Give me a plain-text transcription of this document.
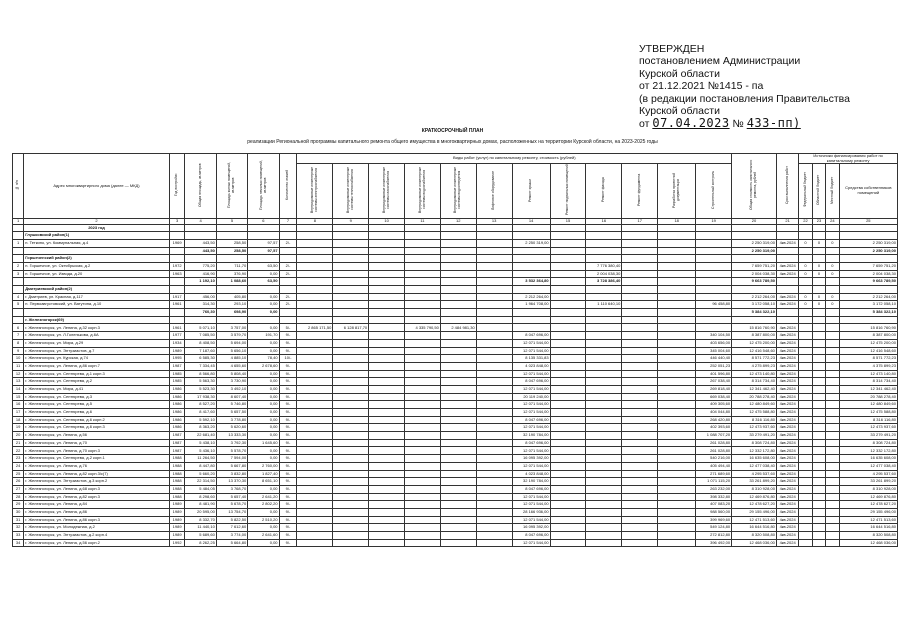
УТВЕРЖДЕН
постановлением Администрации
Курской области
от 21.12.2021 №1415 - па
(в редакции постановления Правительства
Курской области
от 07.04.2023 № 433-пп)
КРАТКОСРОЧНЫЙ ПЛАН
реализации Региональной программы капитального ремонта общего имущества в многоквартирных домах, расположенных на территории Курской области, на 2023-2025 годы
№ п/п	Адрес многоквартирного дома (далее — МКД)	Год постройки	Общая площадь, кв.метров	Площадь жилых помещений, кв.метров	Площадь нежилых помещений, кв.метров	Количество этажей	Виды работ (услуг) по капитальному ремонту, стоимость (рублей)												Общая стоимость капитального ремонта, рублей	Срок выполнения работ	Источники финансирования работ по капитальному ремонту			
							Внутридомовые инженерные системы электроснабжения	Внутридомовые инженерные системы теплоснабжения	Внутридомовые инженерные системы газоснабжения	Внутридомовые инженерные системы водоснабжения	Внутридомовые инженерные системы водоотведения	Лифтовое оборудование	Ремонт крыши	Ремонт подвальных помещений	Ремонт фасада	Ремонт фундамента	Разработка проектной документации	Строительный контроль			Федеральный бюджет	Областной бюджет	Местный бюджет	Средства собственников помещений
1	2	3	4	5	6	7	8	9	10	11	12	13	14	15	16	17	18	19	20	21	22	23	24	25
	2023 год																							
	Глушковский район(1)																							
1	п. Теткино, ул. Коммунальная, д.4	1969	443,50	258,50	97,57	2/-							2 250 319,00						2 250 319,00	4кв.2024	0	0	0	2 250 319,00
			443,50	258,50	97,57														2 250 319,00					2 250 319,00
	Горшеченский район(2)																							
2	п. Горшечное, ул. Октябрьская, д.2	1972	775,20	711,70	63,50	2/-									7 776 380,40				7 659 751,20	4кв.2024	0	0	0	7 659 751,20
3	п. Горшечное, ул. Извода, д.20	1963	416,90	376,90	0,00	2/-									2 004 038,30				2 004 038,30	4кв.2024	0	0	0	2 004 038,30
			1 192,10	1 088,60	63,50								3 532 364,80		3 728 386,40				9 663 789,50					9 663 789,50
	Дмитриевский район(2)																							
4	г. Дмитриев, ул. Красная, д.117	1917	456,00	405,80	0,00	2/-							2 212 264,00						2 212 264,00	4кв.2024	0	0	0	2 212 264,00
5	п. Первоавгустовский, ул. Ватутина, д.10	1961	314,30	293,10	0,00	2/-							1 964 708,00		1 110 640,10			96 458,80	3 172 058,10	4кв.2024	0	0	0	3 172 058,10
			760,30	698,90	0,00														5 384 322,10					5 384 322,10
	г. Железногорск(69)																							
6	г. Железногорск, ул. Ленина, д.32 корп.3	1961	5 071,10	3 757,00	0,00	5/-	2 865 171,50	6 128 817,70		4 335 790,50	2 484 981,30								15 816 760,90	4кв.2024				15 816 760,90
7	г. Железногорск, ул. Л.Голенькова, д.6А	1977	7 085,50	3 579,70	191,70	9/-							8 047 696,00					340 104,50	8 387 800,00	4кв.2024				8 387 800,00
8	г. Железногорск, ул. Мира, д.29	1934	8 408,50	5 694,00	0,00	9/-							12 071 544,00					403 656,00	12 475 200,00	4кв.2024				12 475 200,00
9	г. Железногорск, ул. Энтузиастов, д.7	1989	7 187,60	5 656,10	0,00	9/-							12 071 544,00					345 004,60	12 416 548,60	4кв.2024				12 416 548,60
10	г. Железногорск, ул. Курская, д.74	1995	6 585,30	4 885,10	78,40	10/-							8 135 331,83					446 440,40	8 571 772,23	4кв.2024				8 571 772,23
11	г. Железногорск, ул. Ленина, д.86 корп.7	1987	7 334,45	4 655,60	2 678,60	9/-							4 023 848,00					252 051,23	4 275 899,23	4кв.2024				4 375 899,23
12	г. Железногорск, ул. Сентюрева, д.1 корп.3	1985	8 566,80	5 808,40	0,00	9/-							12 071 544,00					401 596,80	12 473 140,80	4кв.2024				12 473 140,80
13	г. Железногорск, ул. Сентюрева, д.2	1985	5 563,30	3 730,90	0,00	9/-							8 047 696,00					267 038,40	8 314 734,40	4кв.2024				8 314 734,40
14	г. Железногорск, ул. Мира, д.41	1986	5 523,30	3 492,10	0,00	9/-							12 071 544,00					269 818,40	12 341 462,40	4кв.2024				12 341 462,40
15	г. Железногорск, ул. Сентюрева, д.3	1986	17 938,30	8 607,40	0,00	9/-							20 119 240,00					669 038,40	20 788 278,40	4кв.2024				20 788 278,40
16	г. Железногорск, ул. Сентюрева, д.5	1986	8 527,20	5 746,80	0,00	9/-							12 071 544,00					409 305,60	12 480 849,60	4кв.2024				12 480 849,60
17	г. Железногорск, ул. Сентюрева, д.6	1986	8 417,60	5 657,50	0,00	9/-							12 071 544,00					404 044,80	12 475 588,80	4кв.2024				12 475 588,80
18	г. Железногорск, ул. Сентюрева, д.6 корп.2	1986	5 592,10	3 778,80	0,00	9/-							8 047 696,00					268 420,80	8 316 116,80	4кв.2024				8 316 116,80
19	г. Железногорск, ул. Сентюрева, д.6 корп.3	1986	8 363,20	5 620,60	0,00	9/-							12 071 544,00					402 393,60	12 473 937,60	4кв.2024				12 473 937,60
20	г. Железногорск, ул. Ленина, д.56	1987	22 681,40	13 333,30	0,00	9/-							32 190 784,00					1 088 707,20	33 279 491,20	4кв.2024				33 279 491,20
21	г. Железногорск, ул. Ленина, д.70	1987	5 438,10	3 792,30	1 645,60	9/-							8 047 696,00					261 028,80	8 308 724,80	4кв.2024				8 308 724,80
22	г. Железногорск, ул. Ленина, д.70 корп.3	1987	5 436,10	5 578,70	0,00	9/-							12 071 544,00					261 028,80	12 332 172,80	4кв.2024				12 332 172,80
23	г. Железногорск, ул. Сентюрева, д.2 корп.1	1988	11 264,50	7 594,00	0,00	9/-							16 095 392,00					540 216,00	16 635 608,00	4кв.2024				16 635 608,00
24	г. Железногорск, ул. Ленина, д.76	1988	8 447,80	5 667,80	2 760,00	9/-							12 071 544,00					405 494,40	12 477 038,40	4кв.2024				12 477 038,40
25	г. Железногорск, ул. Ленина, д.82 корп.3/с(7)	1988	5 660,20	3 832,80	1 827,40	9/-							4 023 848,00					271 689,60	4 295 537,60	4кв.2024				4 295 537,60
26	г. Железногорск, ул. Энтузиастов, д.3 корп.2	1988	22 314,50	13 370,30	8 651,10	9/-							32 190 784,00					1 071 115,20	33 261 899,20	4кв.2024				33 261 899,20
27	г. Железногорск, ул. Ленина, д.68 корп.3	1988	5 484,05	3 768,70	0,00	9/-							8 047 696,00					263 232,00	8 310 928,00	4кв.2024				8 310 928,00
28	г. Железногорск, ул. Ленина, д.82 корп.3	1988	8 298,60	5 657,40	2 641,20	9/-							12 071 544,00					398 332,80	12 469 876,80	4кв.2024				12 469 876,80
29	г. Железногорск, ул. Ленина, д.84	1989	8 481,90	5 678,70	2 802,20	9/-							12 071 544,00					407 083,20	12 478 627,20	4кв.2024				12 478 627,20
30	г. Железногорск, ул. Ленина, д.86	1989	20 595,00	13 754,70	0,00	9/-							28 166 936,00					988 560,00	29 155 496,00	4кв.2024				29 155 496,00
31	г. Железногорск, ул. Ленина, д.86 корп.3	1989	8 332,70	5 822,50	2 510,20	9/-							12 071 544,00					399 969,60	12 471 513,60	4кв.2024				12 471 513,60
32	г. Железногорск, ул. Молодежная, д.2	1989	11 440,10	7 612,60	0,00	9/-							16 095 392,00					549 124,80	16 644 516,80	4кв.2024				16 644 516,80
33	г. Железногорск, ул. Энтузиастов, д.2 корп.4	1989	5 689,60	3 774,00	2 641,60	9/-							8 047 696,00					272 812,80	8 320 508,80	4кв.2024				8 320 508,80
34	г. Железногорск, ул. Ленина, д.56 корп.2	1992	8 262,25	5 664,80	0,00	9/-							12 071 544,00					396 492,00	12 468 036,00	4кв.2024				12 468 036,00
